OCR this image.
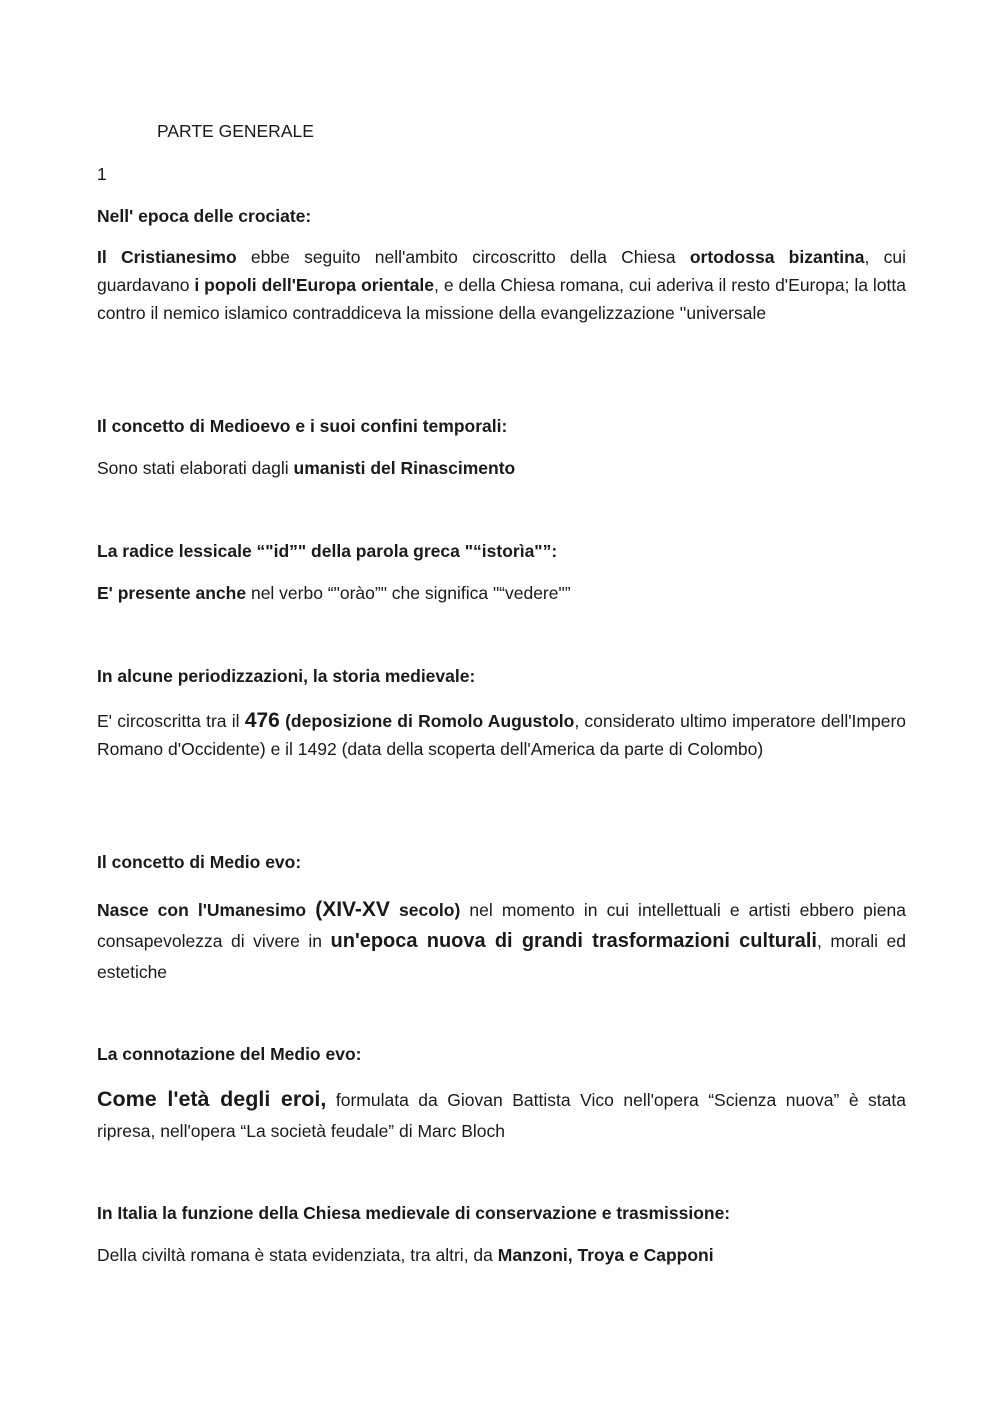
PARTE GENERALE
1
Nell' epoca delle crociate:
Il Cristianesimo ebbe seguito nell'ambito circoscritto della Chiesa ortodossa bizantina, cui guardavano i popoli dell'Europa orientale, e della Chiesa romana, cui aderiva il resto d'Europa; la lotta contro il nemico islamico contraddiceva la missione della evangelizzazione ''universale
Il concetto di Medioevo e i suoi confini temporali:
Sono stati elaborati dagli umanisti del Rinascimento
La radice lessicale “"id”" della parola greca "“istorìa"”:
E' presente anche nel verbo “"orào”" che significa "“vedere"”
In alcune periodizzazioni, la storia medievale:
E' circoscritta tra il 476 (deposizione di Romolo Augustolo, considerato ultimo imperatore dell'Impero Romano d'Occidente) e il 1492 (data della scoperta dell'America da parte di Colombo)
Il concetto di Medio evo:
Nasce con l'Umanesimo (XIV-XV secolo) nel momento in cui intellettuali e artisti ebbero piena consapevolezza di vivere in un'epoca nuova di grandi trasformazioni culturali, morali ed estetiche
La connotazione del Medio evo:
Come l'età degli eroi, formulata da Giovan Battista Vico nell'opera “Scienza nuova” è stata ripresa, nell'opera “La società feudale” di Marc Bloch
In Italia la funzione della Chiesa medievale di conservazione e trasmissione:
Della civiltà romana è stata evidenziata, tra altri, da Manzoni, Troya e Capponi
